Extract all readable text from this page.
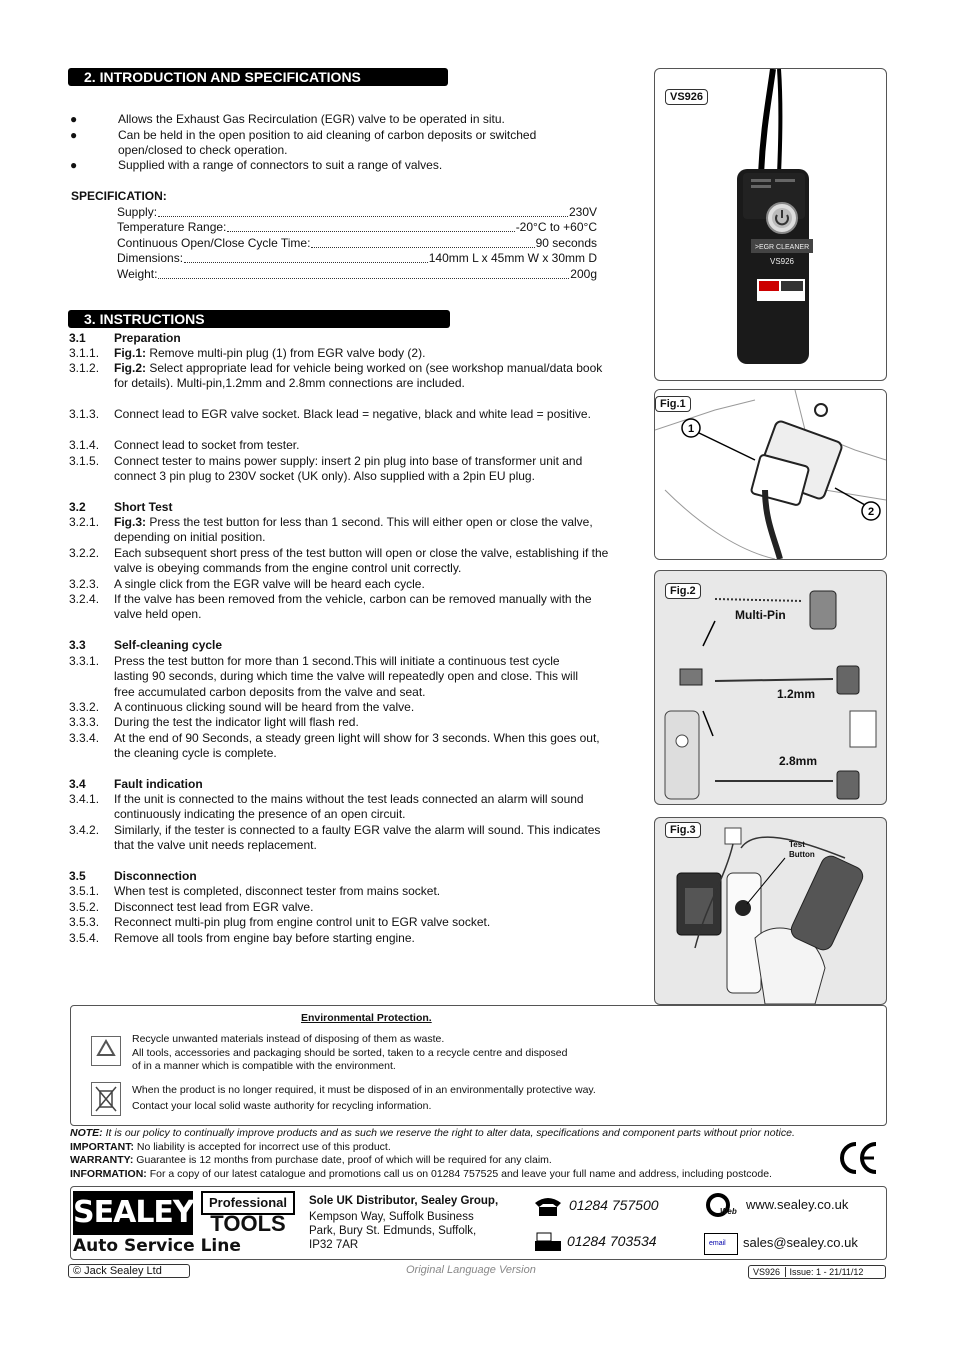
2. INTRODUCTION AND SPECIFICATIONS
●	Allows the Exhaust Gas Recirculation (EGR) valve to be operated in situ.
●	Can be held in the open position to aid cleaning of carbon deposits or switched open/closed to check operation.
●	Supplied with a range of connectors to suit a range of valves.
SPECIFICATION:
Supply:	230V
Temperature Range:	-20°C to +60°C
Continuous Open/Close Cycle Time:	90 seconds
Dimensions:	140mm L x 45mm W x 30mm D
Weight:	200g
3. INSTRUCTIONS
3.1 Preparation
3.1.1. Fig.1: Remove multi-pin plug (1) from EGR valve body (2).
3.1.2. Fig.2: Select appropriate lead for vehicle being worked on (see workshop manual/data book for details). Multi-pin,1.2mm and 2.8mm connections are included.
3.1.3. Connect lead to EGR valve socket. Black lead = negative, black and white lead = positive.
3.1.4. Connect lead to socket from tester.
3.1.5. Connect tester to mains power supply: insert 2 pin plug into base of transformer unit and connect 3 pin plug to 230V socket (UK only). Also supplied with a 2pin EU plug.
3.2 Short Test
3.2.1. Fig.3: Press the test button for less than 1 second. This will either open or close the valve, depending on initial position.
3.2.2. Each subsequent short press of the test button will open or close the valve, establishing if the valve is obeying commands from the engine control unit correctly.
3.2.3. A single click from the EGR valve will be heard each cycle.
3.2.4. If the valve has been removed from the vehicle, carbon can be removed manually with the valve held open.
3.3 Self-cleaning cycle
3.3.1. Press the test button for more than 1 second.This will initiate a continuous test cycle lasting 90 seconds, during which time the valve will repeatedly open and close. This will free accumulated carbon deposits from the valve and seat.
3.3.2. A continuous clicking sound will be heard from the valve.
3.3.3. During the test the indicator light will flash red.
3.3.4. At the end of 90 Seconds, a steady green light will show for 3 seconds. When this goes out, the cleaning cycle is complete.
3.4 Fault indication
3.4.1. If the unit is connected to the mains without the test leads connected an alarm will sound continuously indicating the presence of an open circuit.
3.4.2. Similarly, if the tester is connected to a faulty EGR valve the alarm will sound. This indicates that the valve unit needs replacement.
3.5 Disconnection
3.5.1. When test is completed, disconnect tester from mains socket.
3.5.2. Disconnect test lead from EGR valve.
3.5.3. Reconnect multi-pin plug from engine control unit to EGR valve socket.
3.5.4. Remove all tools from engine bay before starting engine.
VS926
>EGR CLEANER
VS926
1
2
Fig.1
Fig.2
Multi-Pin
1.2mm
2.8mm
Fig.3
Test
Button
Environmental Protection.
Recycle unwanted materials instead of disposing of them as waste.
All tools, accessories and packaging should be sorted, taken to a recycle centre and disposed
of in a manner which is compatible with the environment.
When the product is no longer required, it must be disposed of in an environmentally protective way.
Contact your local solid waste authority for recycling information.
NOTE: It is our policy to continually improve products and as such we reserve the right to alter data, specifications and component parts without prior notice.
IMPORTANT: No liability is accepted for incorrect use of this product.
WARRANTY: Guarantee is 12 months from purchase date, proof of which will be required for any claim.
INFORMATION: For a copy of our latest catalogue and promotions call us on 01284 757525 and leave your full name and address, including postcode.
SEALEY	Professional
TOOLS
Auto Service Line
Sole UK Distributor, Sealey Group,
Kempson Way, Suffolk Business
Park, Bury St. Edmunds, Suffolk,
IP32 7AR
01284 757500
01284 703534
Web www.sealey.co.uk
email sales@sealey.co.uk
© Jack Sealey Ltd	Original Language Version	VS926 Issue: 1 - 21/11/12
